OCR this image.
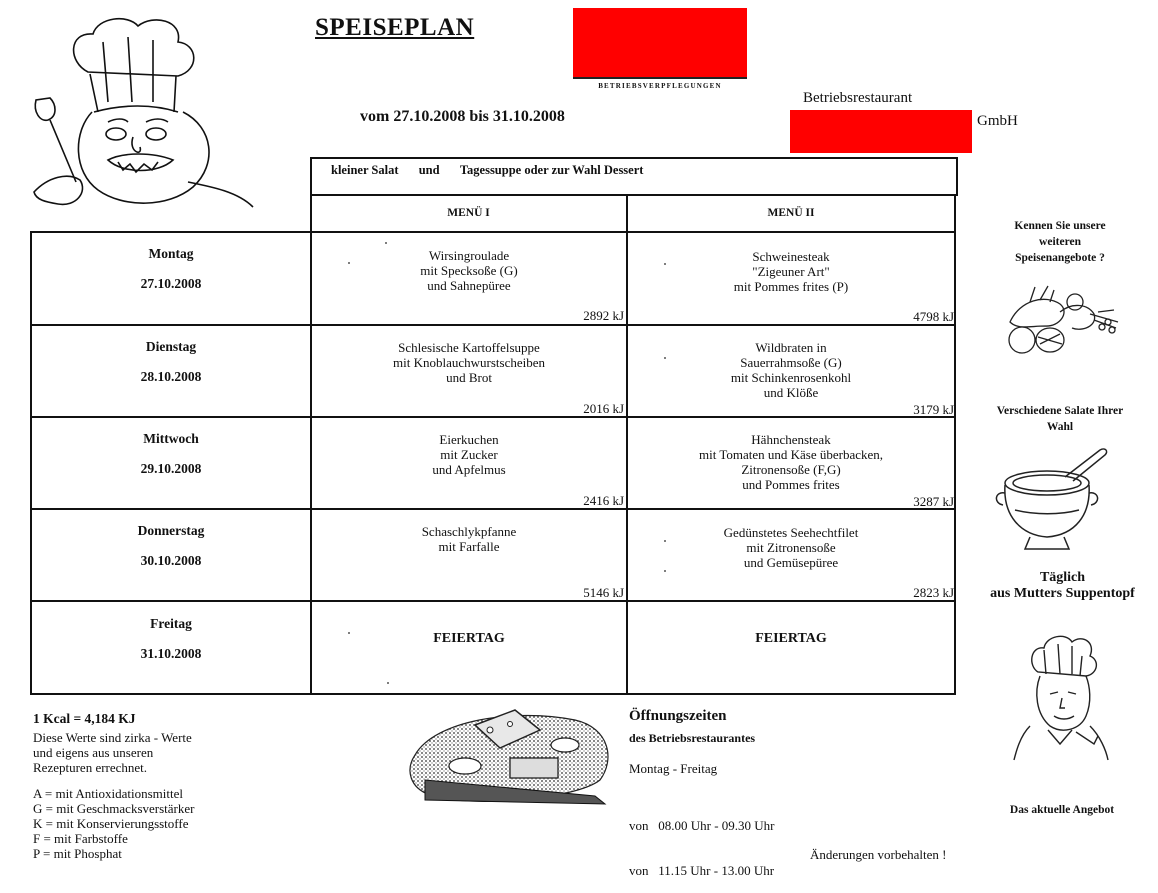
SPEISEPLAN
BETRIEBSVERPFLEGUNGEN
vom 27.10.2008 bis 31.10.2008
Betriebsrestaurant
GmbH
kleiner Salat und Tagessuppe oder zur Wahl Dessert
MENÜ I	MENÜ II
Montag
27.10.2008
Wirsingroulade
mit Specksoße (G)
und Sahnepüree
2892 kJ
Schweinesteak
"Zigeuner Art"
mit Pommes frites (P)
4798 kJ
Dienstag
28.10.2008
Schlesische Kartoffelsuppe
mit Knoblauchwurstscheiben
und Brot
2016 kJ
Wildbraten in
Sauerrahmsoße (G)
mit Schinkenrosenkohl
und Klöße
3179 kJ
Mittwoch
29.10.2008
Eierkuchen
mit Zucker
und Apfelmus
2416 kJ
Hähnchensteak
mit Tomaten und Käse überbacken,
Zitronensoße (F,G)
und Pommes frites
3287 kJ
Donnerstag
30.10.2008
Schaschlykpfanne
mit Farfalle
5146 kJ
Gedünstetes Seehechtfilet
mit Zitronensoße
und Gemüsepüree
2823 kJ
Freitag
31.10.2008
FEIERTAG	FEIERTAG
Kennen Sie unsere
weiteren
Speisenangebote ?
Verschiedene Salate Ihrer
Wahl
Täglich
aus Mutters Suppentopf
Das aktuelle Angebot
1 Kcal = 4,184 KJ
Diese Werte sind zirka - Werte
und eigens aus unseren
Rezepturen errechnet.
A = mit Antioxidationsmittel
G = mit Geschmacksverstärker
K = mit Konservierungsstoffe
F = mit Farbstoffe
P = mit Phosphat
Öffnungszeiten
des Betriebsrestaurantes
Montag - Freitag

von   08.00 Uhr - 09.30 Uhr

von   11.15 Uhr - 13.00 Uhr

Änderungen vorbehalten !
